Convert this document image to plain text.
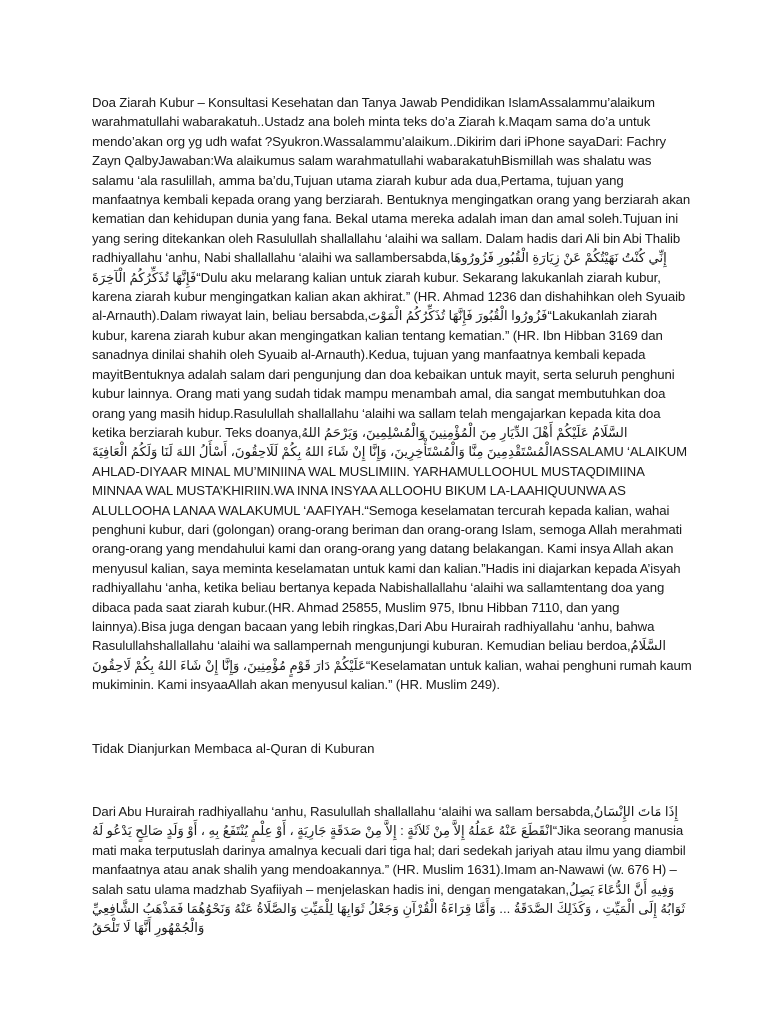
Doa Ziarah Kubur – Konsultasi Kesehatan dan Tanya Jawab Pendidikan IslamAssalammu’alaikum warahmatullahi wabarakatuh..Ustadz ana boleh minta teks do’a Ziarah k.Maqam sama do’a untuk mendo’akan org yg udh wafat ?Syukron.Wassalammu’alaikum..Dikirim dari iPhone sayaDari: Fachry Zayn QalbyJawaban:Wa alaikumus salam warahmatullahi wabarakatuhBismillah was shalatu was salamu ‘ala rasulillah, amma ba’du,Tujuan utama ziarah kubur ada dua,Pertama, tujuan yang manfaatnya kembali kepada orang yang berziarah. Bentuknya mengingatkan orang yang berziarah akan kematian dan kehidupan dunia yang fana. Bekal utama mereka adalah iman dan amal soleh.Tujuan ini yang sering ditekankan oleh Rasulullah shallallahu ‘alaihi wa sallam. Dalam hadis dari Ali bin Abi Thalib radhiyallahu ‘anhu, Nabi shallallahu ‘alaihi wa sallambersabda,إِنِّي كُنْتُ نَهَيْتُكُمْ عَنْ زِيَارَةِ الْقُبُورِ فَزُورُوهَا فَإِنَّهَا تُذَكِّرُكُمُ الْآخِرَةَ“Dulu aku melarang kalian untuk ziarah kubur. Sekarang lakukanlah ziarah kubur, karena ziarah kubur mengingatkan kalian akan akhirat.” (HR. Ahmad 1236 dan dishahihkan oleh Syuaib al-Arnauth).Dalam riwayat lain, beliau bersabda,فَزُورُوا الْقُبُورَ فَإِنَّهَا تُذَكِّرُكُمُ الْمَوْتَ“Lakukanlah ziarah kubur, karena ziarah kubur akan mengingatkan kalian tentang kematian.” (HR. Ibn Hibban 3169 dan sanadnya dinilai shahih oleh Syuaib al-Arnauth).Kedua, tujuan yang manfaatnya kembali kepada mayitBentuknya adalah salam dari pengunjung dan doa kebaikan untuk mayit, serta seluruh penghuni kubur lainnya. Orang mati yang sudah tidak mampu menambah amal, dia sangat membutuhkan doa orang yang masih hidup.Rasulullah shallallahu ‘alaihi wa sallam telah mengajarkan kepada kita doa ketika berziarah kubur. Teks doanya,السَّلَامُ عَلَيْكُمْ أَهْلَ الدِّيَارِ مِنَ الْمُؤْمِنِينَ وَالْمُسْلِمِينَ، وَيَرْحَمُ اللهُ الْمُسْتَقْدِمِينَ مِنَّا وَالْمُسْتَأْخِرِينَ، وَإِنَّا إِنْ شَاءَ اللهُ بِكُمْ لَلَاحِقُونَ، أَسْأَلُ اللهَ لَنَا وَلَكُمُ الْعَافِيَةَASSALAMU ‘ALAIKUM AHLAD-DIYAAR MINAL MU’MINIINA WAL MUSLIMIIN. YARHAMULLOOHUL MUSTAQDIMIINA MINNAA WAL MUSTA’KHIRIIN.WA INNA INSYAA ALLOOHU BIKUM LA-LAAHIQUUNWA AS ALULLOOHA LANAA WALAKUMUL ‘AAFIYAH.“Semoga keselamatan tercurah kepada kalian, wahai penghuni kubur, dari (golongan) orang-orang beriman dan orang-orang Islam, semoga Allah merahmati orang-orang yang mendahului kami dan orang-orang yang datang belakangan. Kami insya Allah akan menyusul kalian, saya meminta keselamatan untuk kami dan kalian.”Hadis ini diajarkan kepada A’isyah radhiyallahu ‘anha, ketika beliau bertanya kepada Nabishallallahu ‘alaihi wa sallamtentang doa yang dibaca pada saat ziarah kubur.(HR. Ahmad 25855, Muslim 975, Ibnu Hibban 7110, dan yang lainnya).Bisa juga dengan bacaan yang lebih ringkas,Dari Abu Hurairah radhiyallahu ‘anhu, bahwa Rasulullahshallallahu ‘alaihi wa sallampernah mengunjungi kuburan. Kemudian beliau berdoa,السَّلَامُ عَلَيْكُمْ دَارَ قَوْمٍ مُؤْمِنِينَ، وَإِنَّا إِنْ شَاءَ اللهُ بِكُمْ لَاحِقُونَ“Keselamatan untuk kalian, wahai penghuni rumah kaum mukiminin. Kami insyaaAllah akan menyusul kalian.” (HR. Muslim 249).

Tidak Dianjurkan Membaca al-Quran di Kuburan

Dari Abu Hurairah radhiyallahu ‘anhu, Rasulullah shallallahu ‘alaihi wa sallam bersabda,إِذَا مَاتَ الإِنْسَانُ انْقَطَعَ عَنْهُ عَمَلُهُ إِلاَّ مِنْ ثَلاَثَةٍ : إِلاَّ مِنْ صَدَقَةٍ جَارِيَةٍ ، أَوْ عِلْمٍ يُنْتَفَعُ بِهِ ، أَوْ وَلَدٍ صَالِحٍ يَدْعُو لَهُ“Jika seorang manusia mati maka terputuslah darinya amalnya kecuali dari tiga hal; dari sedekah jariyah atau ilmu yang diambil manfaatnya atau anak shalih yang mendoakannya.” (HR. Muslim 1631).Imam an-Nawawi (w. 676 H) – salah satu ulama madzhab Syafiiyah – menjelaskan hadis ini, dengan mengatakan,وَفِيهِ أَنَّ الدُّعَاءَ يَصِلُ ثَوَابُهُ إِلَى الْمَيِّتِ ، وَكَذَلِكَ الصَّدَقَةُ ... وَأَمَّا قِرَاءَةُ الْقُرْآنِ وَجَعْلُ ثَوَابِهَا لِلْمَيِّتِ وَالصَّلَاةُ عَنْهُ وَنَحْوُهُمَا فَمَذْهَبُ الشَّافِعِيِّ وَالْجُمْهُورِ أَنَّهَا لَا تَلْحَقُ
